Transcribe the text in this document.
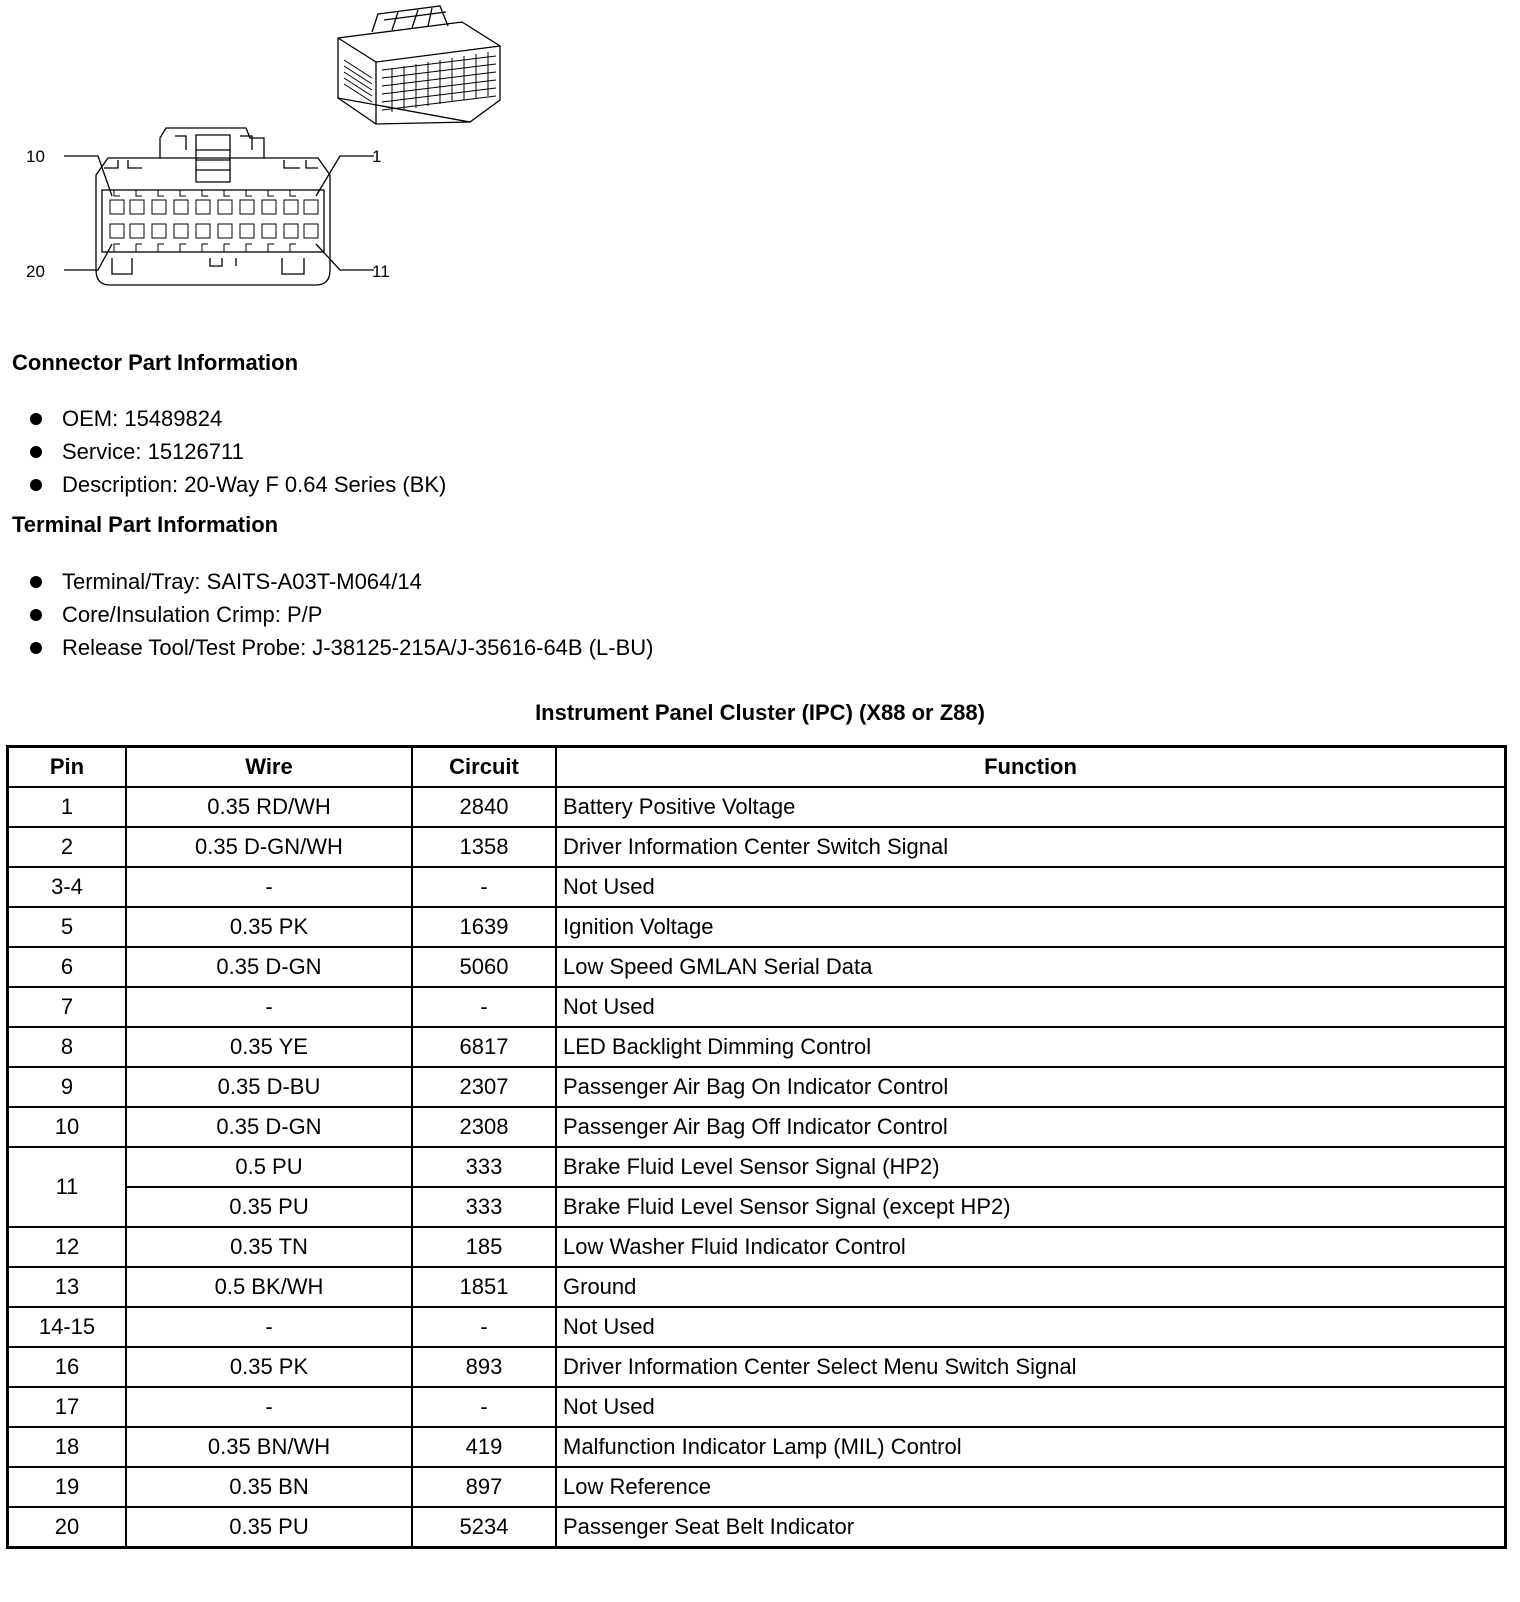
10	1
20	11
Connector Part Information
OEM: 15489824
Service: 15126711
Description: 20-Way F 0.64 Series (BK)
Terminal Part Information
Terminal/Tray: SAITS-A03T-M064/14
Core/Insulation Crimp: P/P
Release Tool/Test Probe: J-38125-215A/J-35616-64B (L-BU)
Instrument Panel Cluster (IPC) (X88 or Z88)
Pin	Wire	Circuit	Function
1	0.35 RD/WH	2840	Battery Positive Voltage
2	0.35 D-GN/WH	1358	Driver Information Center Switch Signal
3-4	-	-	Not Used
5	0.35 PK	1639	Ignition Voltage
6	0.35 D-GN	5060	Low Speed GMLAN Serial Data
7	-	-	Not Used
8	0.35 YE	6817	LED Backlight Dimming Control
9	0.35 D-BU	2307	Passenger Air Bag On Indicator Control
10	0.35 D-GN	2308	Passenger Air Bag Off Indicator Control
11	0.5 PU	333	Brake Fluid Level Sensor Signal (HP2)
	0.35 PU	333	Brake Fluid Level Sensor Signal (except HP2)
12	0.35 TN	185	Low Washer Fluid Indicator Control
13	0.5 BK/WH	1851	Ground
14-15	-	-	Not Used
16	0.35 PK	893	Driver Information Center Select Menu Switch Signal
17	-	-	Not Used
18	0.35 BN/WH	419	Malfunction Indicator Lamp (MIL) Control
19	0.35 BN	897	Low Reference
20	0.35 PU	5234	Passenger Seat Belt Indicator
